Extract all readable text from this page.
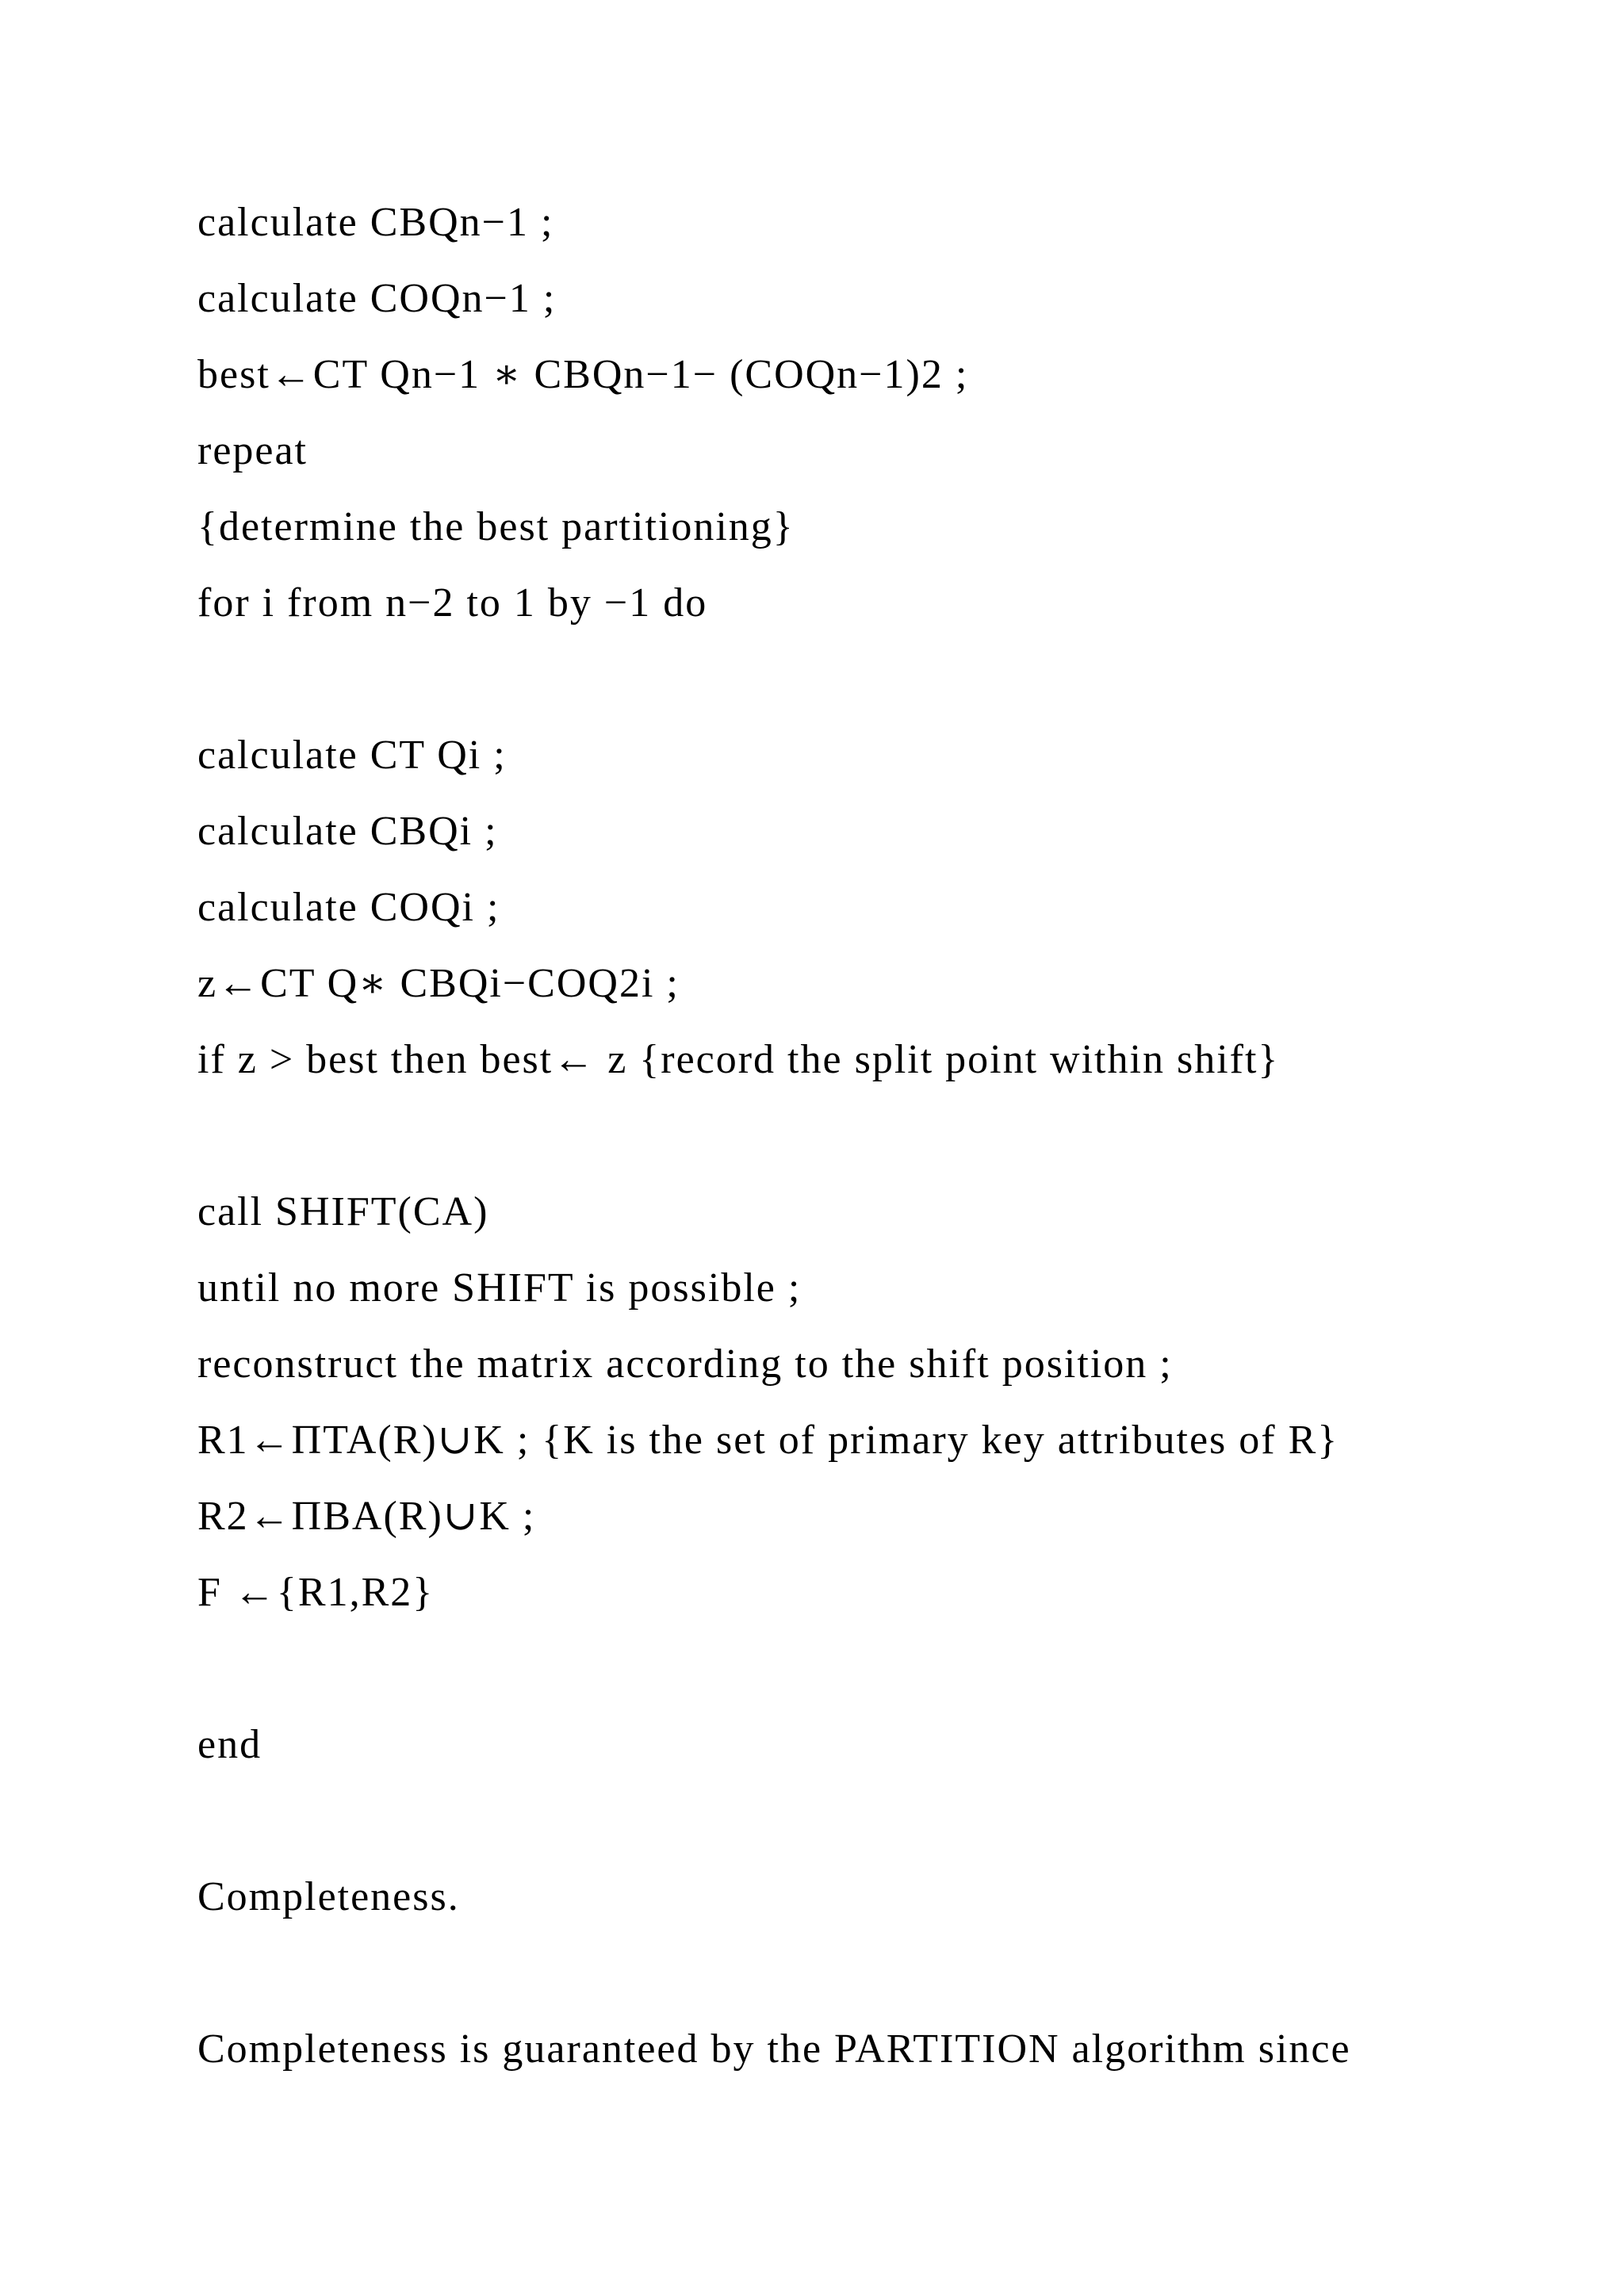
calculate CBQn−1 ;
calculate COQn−1 ;
best←CT Qn−1 ∗ CBQn−1− (COQn−1)2 ;
repeat
{determine the best partitioning}
for i from n−2 to 1 by −1 do
calculate CT Qi ;
calculate CBQi ;
calculate COQi ;
z←CT Q∗ CBQi−COQ2i ;
if z > best then best← z {record the split point within shift}
call SHIFT(CA)
until no more SHIFT is possible ;
reconstruct the matrix according to the shift position ;
R1←ΠTA(R)∪K ; {K is the set of primary key attributes of R}
R2←ΠBA(R)∪K ;
F ←{R1,R2}
end
Completeness.
Completeness is guaranteed by the PARTITION algorithm since
